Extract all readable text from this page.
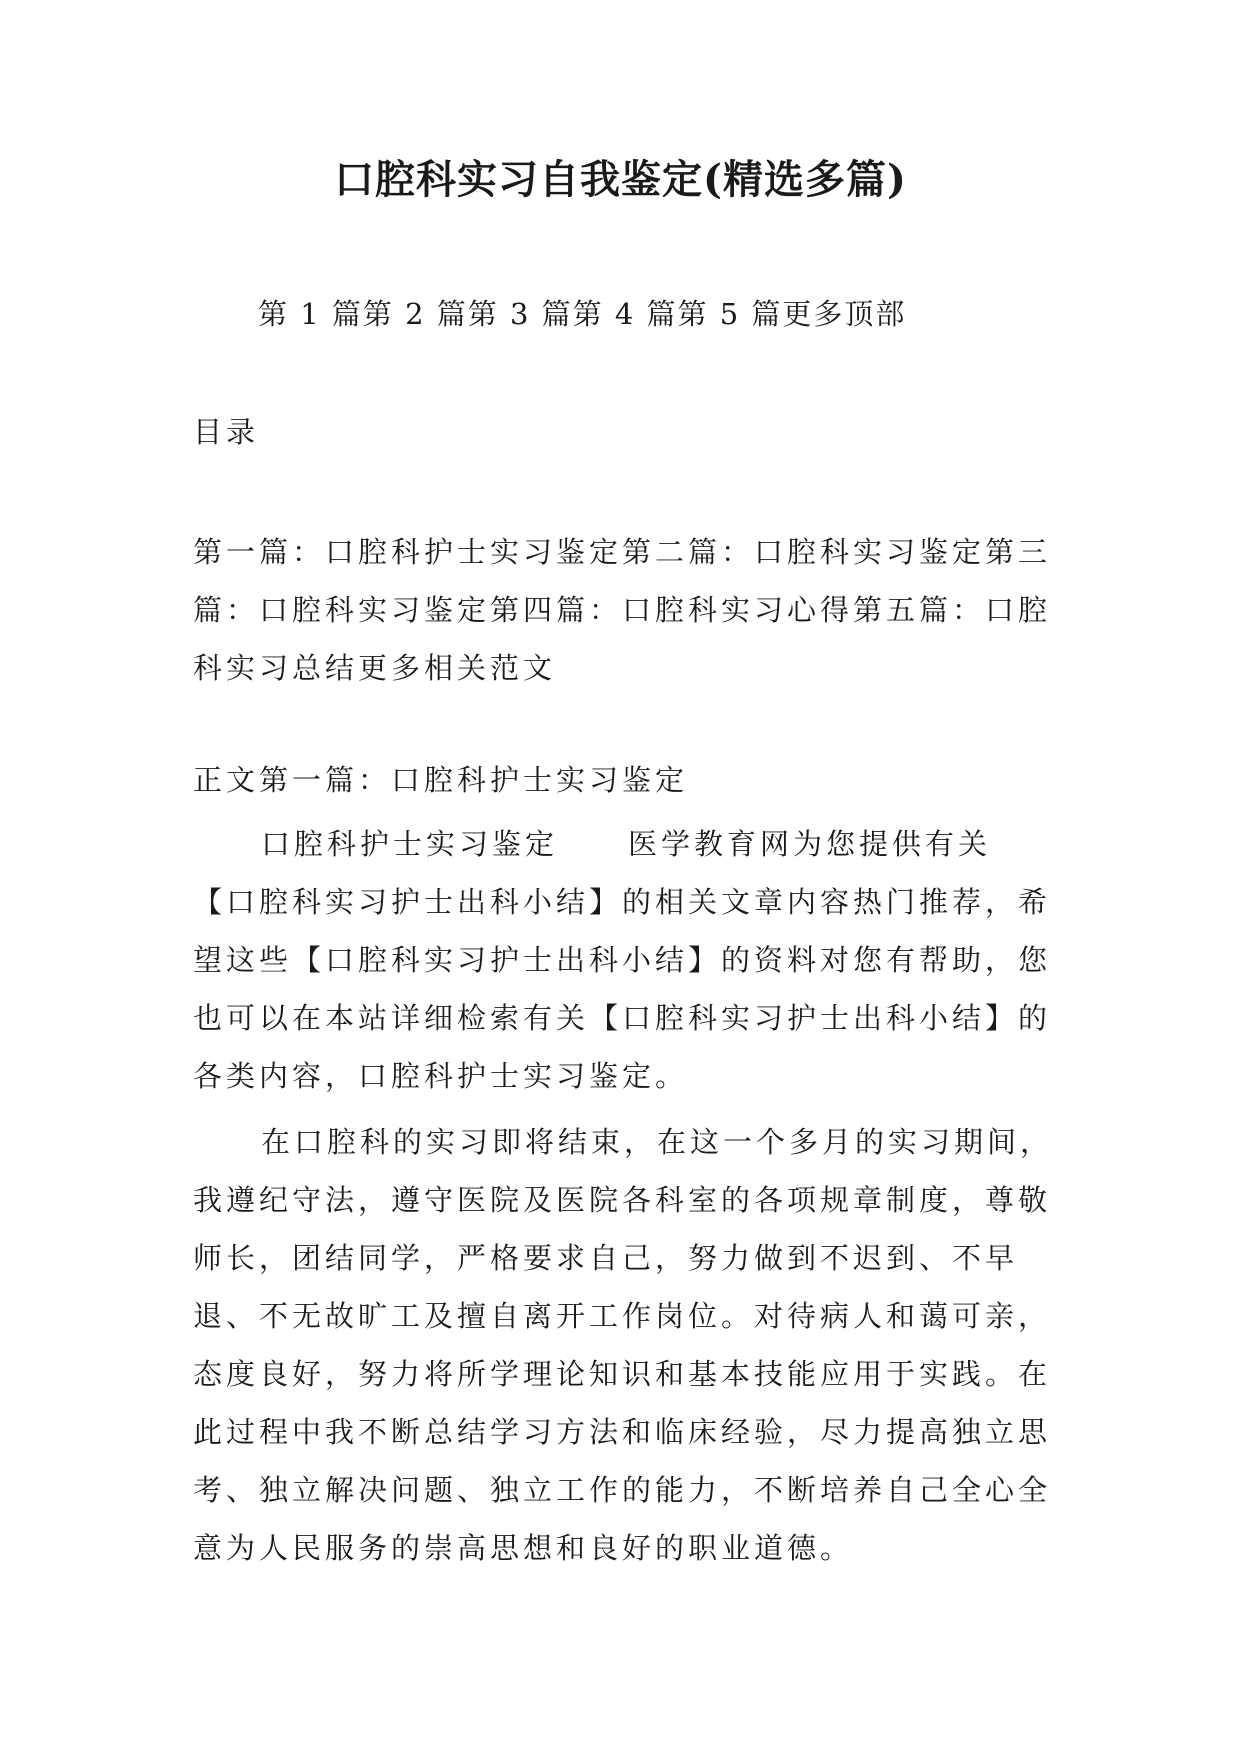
口腔科实习自我鉴定(精选多篇)

第 1 篇第 2 篇第 3 篇第 4 篇第 5 篇更多顶部

目录

第一篇：口腔科护士实习鉴定第二篇：口腔科实习鉴定第三篇：口腔科实习鉴定第四篇：口腔科实习心得第五篇：口腔科实习总结更多相关范文

正文第一篇：口腔科护士实习鉴定

口腔科护士实习鉴定 医学教育网为您提供有关【口腔科实习护士出科小结】的相关文章内容热门推荐，希望这些【口腔科实习护士出科小结】的资料对您有帮助，您也可以在本站详细检索有关【口腔科实习护士出科小结】的各类内容，口腔科护士实习鉴定。

在口腔科的实习即将结束，在这一个多月的实习期间，我遵纪守法，遵守医院及医院各科室的各项规章制度，尊敬师长，团结同学，严格要求自己，努力做到不迟到、不早退、不无故旷工及擅自离开工作岗位。对待病人和蔼可亲，态度良好，努力将所学理论知识和基本技能应用于实践。在此过程中我不断总结学习方法和临床经验，尽力提高独立思考、独立解决问题、独立工作的能力，不断培养自己全心全意为人民服务的崇高思想和良好的职业道德。
